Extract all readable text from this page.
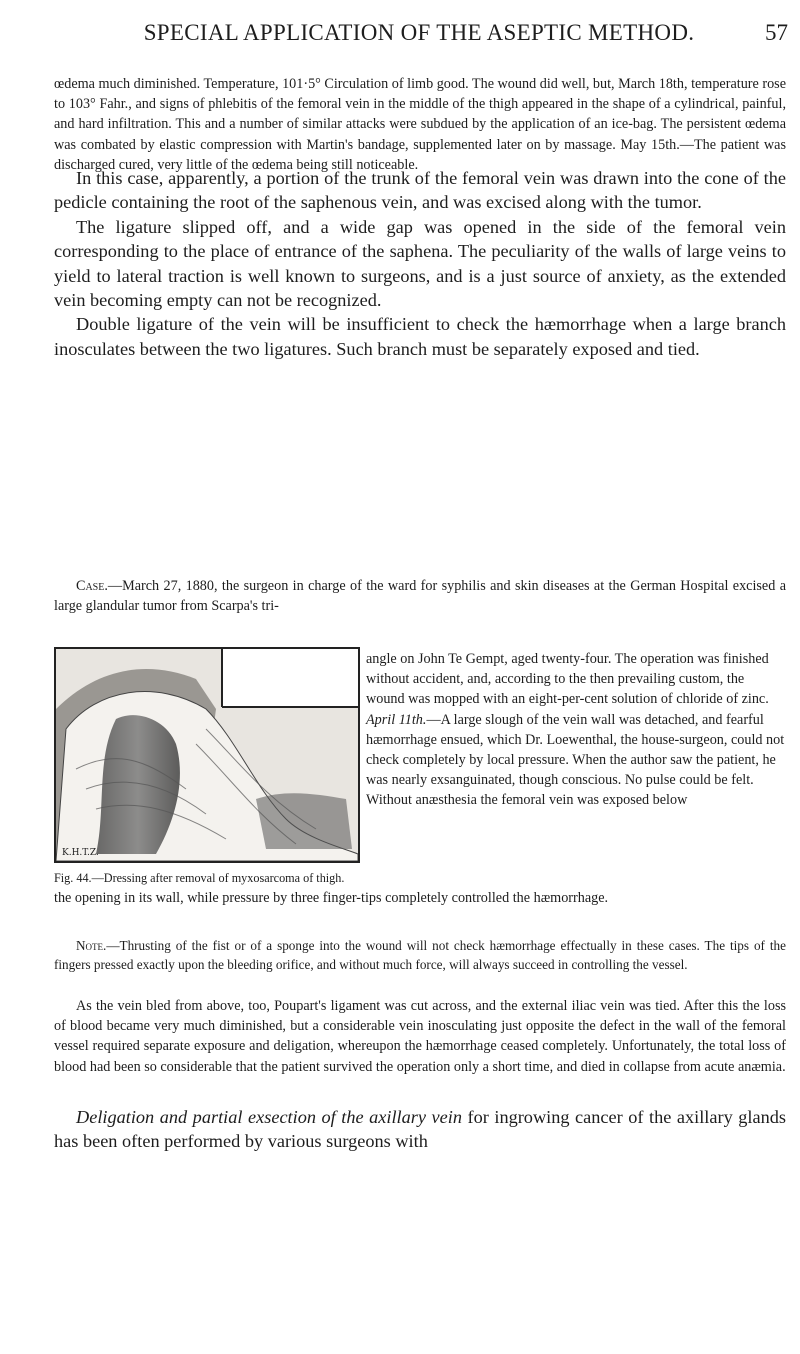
SPECIAL APPLICATION OF THE ASEPTIC METHOD.	57

œdema much diminished. Temperature, 101·5° Circulation of limb good. The wound did well, but, March 18th, temperature rose to 103° Fahr., and signs of phlebitis of the femoral vein in the middle of the thigh appeared in the shape of a cylindrical, painful, and hard infiltration. This and a number of similar attacks were subdued by the application of an ice-bag. The persistent œdema was combated by elastic compression with Martin's bandage, supplemented later on by massage. May 15th.—The patient was discharged cured, very little of the œdema being still noticeable.

In this case, apparently, a portion of the trunk of the femoral vein was drawn into the cone of the pedicle containing the root of the saphenous vein, and was excised along with the tumor.

The ligature slipped off, and a wide gap was opened in the side of the femoral vein corresponding to the place of entrance of the saphena. The peculiarity of the walls of large veins to yield to lateral traction is well known to surgeons, and is a just source of anxiety, as the extended vein becoming empty can not be recognized.

Double ligature of the vein will be insufficient to check the hæmorrhage when a large branch inosculates between the two ligatures. Such branch must be separately exposed and tied.

Case.—March 27, 1880, the surgeon in charge of the ward for syphilis and skin diseases at the German Hospital excised a large glandular tumor from Scarpa's tri-

K.H.T.Z.

angle on John Te Gempt, aged twenty-four. The operation was finished without accident, and, according to the then prevailing custom, the wound was mopped with an eight-per-cent solution of chloride of zinc. April 11th.—A large slough of the vein wall was detached, and fearful hæmorrhage ensued, which Dr. Loewenthal, the house-surgeon, could not check completely by local pressure. When the author saw the patient, he was nearly exsanguinated, though conscious. No pulse could be felt. Without anæsthesia the femoral vein was exposed below

Fig. 44.—Dressing after removal of myxosarcoma of thigh.

the opening in its wall, while pressure by three finger-tips completely controlled the hæmorrhage.

Note.—Thrusting of the fist or of a sponge into the wound will not check hæmorrhage effectually in these cases. The tips of the fingers pressed exactly upon the bleeding orifice, and without much force, will always succeed in controlling the vessel.

As the vein bled from above, too, Poupart's ligament was cut across, and the external iliac vein was tied. After this the loss of blood became very much diminished, but a considerable vein inosculating just opposite the defect in the wall of the femoral vessel required separate exposure and deligation, whereupon the hæmorrhage ceased completely. Unfortunately, the total loss of blood had been so considerable that the patient survived the operation only a short time, and died in collapse from acute anæmia.

Deligation and partial exsection of the axillary vein for ingrowing cancer of the axillary glands has been often performed by various surgeons with
